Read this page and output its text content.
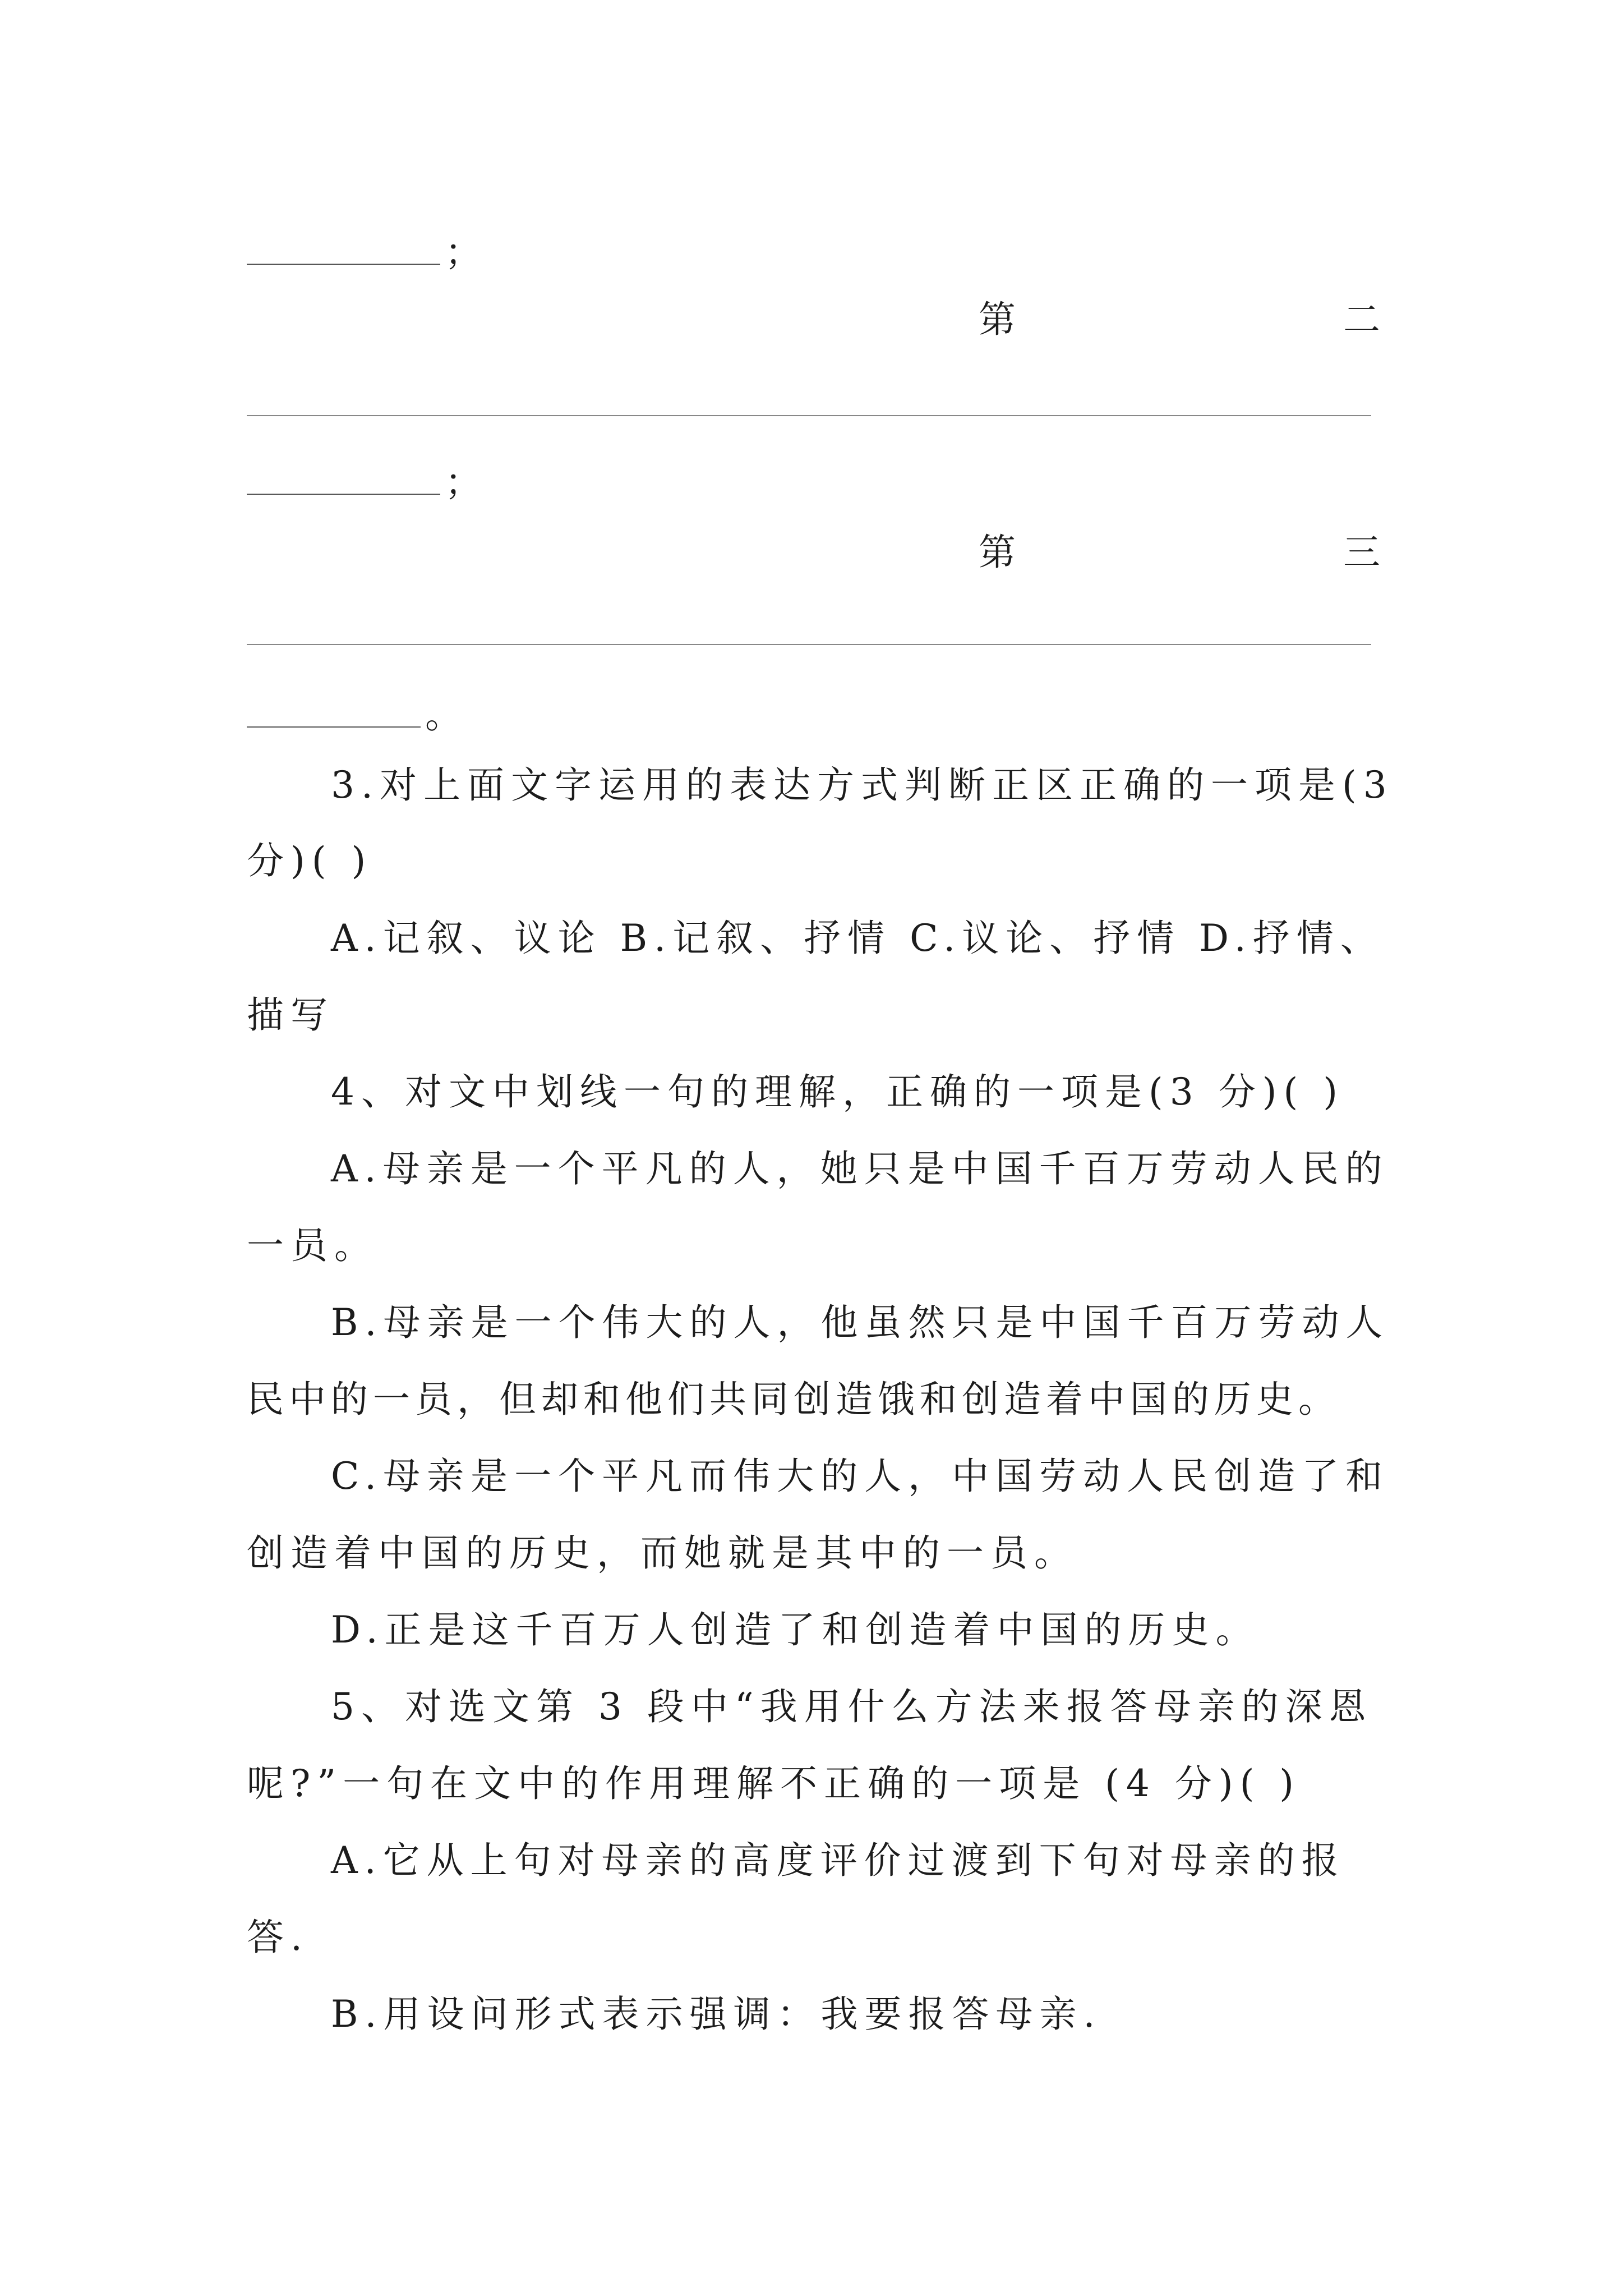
；
第	二
；
第	三
。
3.对上面文字运用的表达方式判断正区正确的一项是(3
分)( )
A.记叙、议论 B.记叙、抒情 C.议论、抒情 D.抒情、
描写
4、对文中划线一句的理解，正确的一项是(3 分)( )
A.母亲是一个平凡的人，她只是中国千百万劳动人民的
一员。
B.母亲是一个伟大的人，他虽然只是中国千百万劳动人
民中的一员，但却和他们共同创造饿和创造着中国的历史。
C.母亲是一个平凡而伟大的人，中国劳动人民创造了和
创造着中国的历史，而她就是其中的一员。
D.正是这千百万人创造了和创造着中国的历史。
5、对选文第 3 段中“我用什么方法来报答母亲的深恩
呢?”一句在文中的作用理解不正确的一项是 (4 分)( )
A.它从上句对母亲的高度评价过渡到下句对母亲的报
答.
B.用设问形式表示强调：我要报答母亲.
